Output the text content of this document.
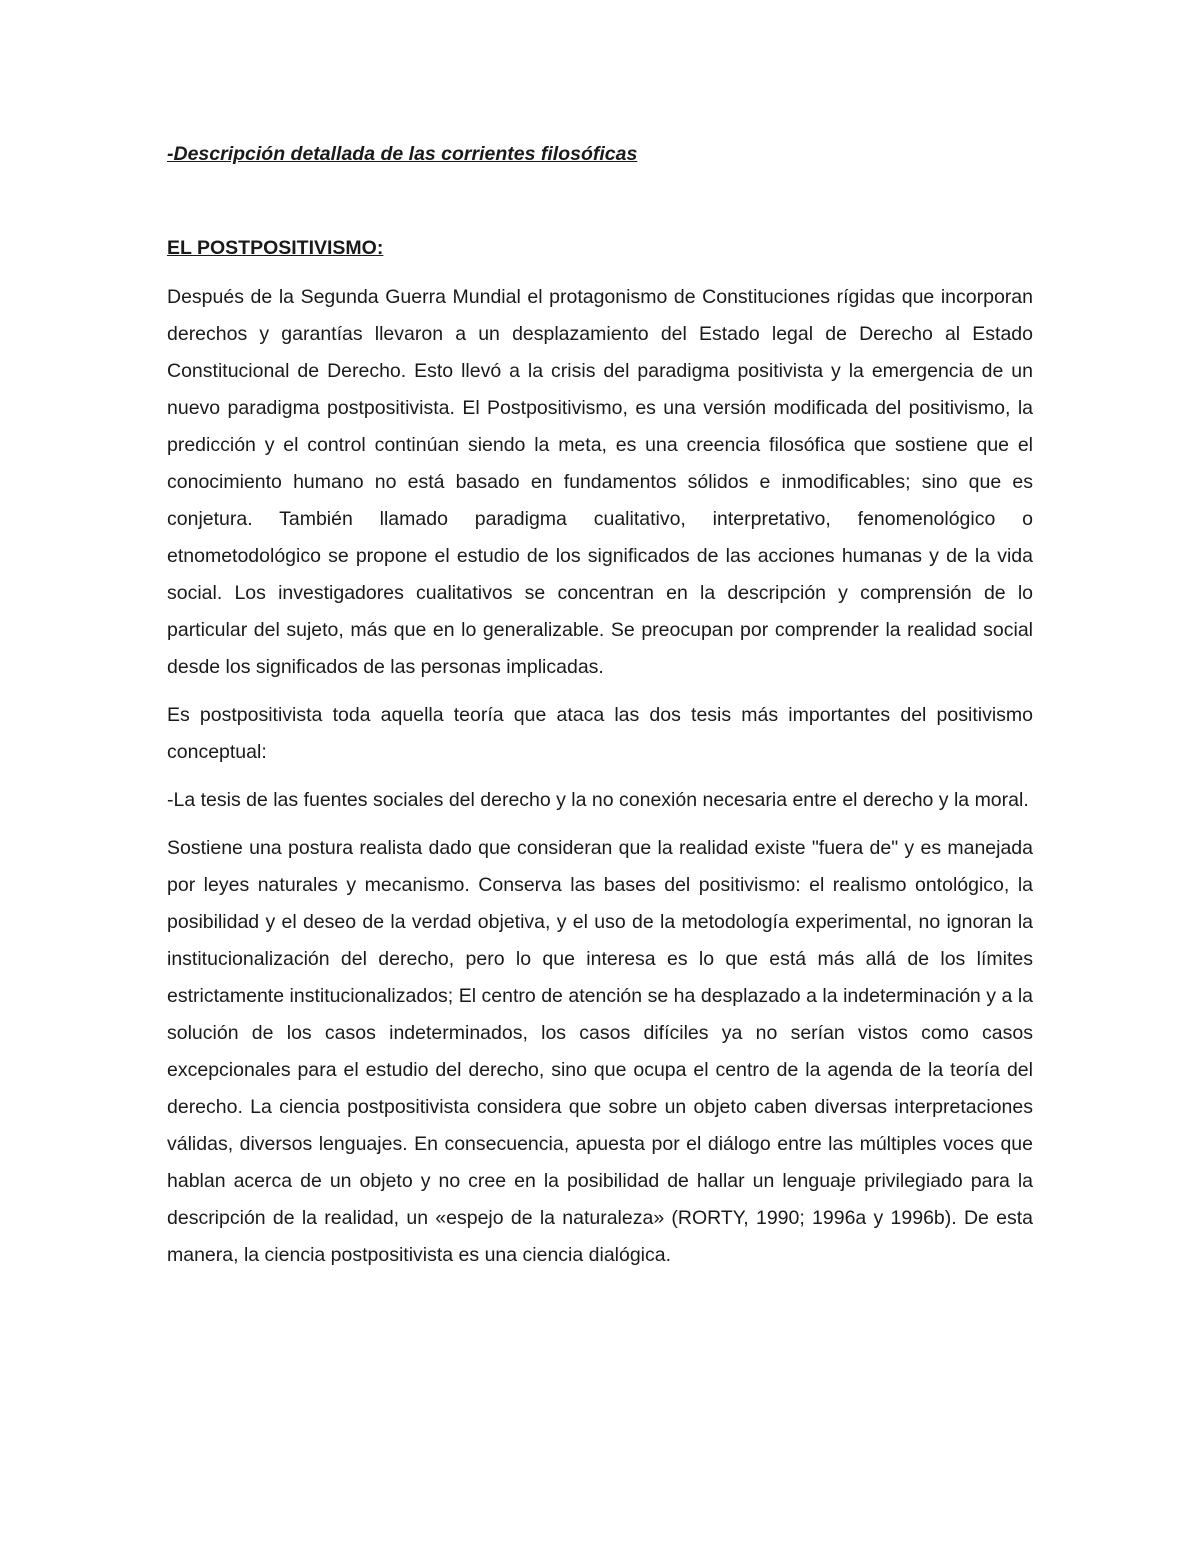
-Descripción detallada de las corrientes filosóficas
EL POSTPOSITIVISMO:

Después de la Segunda Guerra Mundial el protagonismo de Constituciones rígidas que incorporan derechos y garantías llevaron a un desplazamiento del Estado legal de Derecho al Estado Constitucional de Derecho. Esto llevó a la crisis del paradigma positivista y la emergencia de un nuevo paradigma postpositivista. El Postpositivismo, es una versión modificada del positivismo, la predicción y el control continúan siendo la meta, es una creencia filosófica que sostiene que el conocimiento humano no está basado en fundamentos sólidos e inmodificables; sino que es conjetura. También llamado paradigma cualitativo, interpretativo, fenomenológico o etnometodológico se propone el estudio de los significados de las acciones humanas y de la vida social. Los investigadores cualitativos se concentran en la descripción y comprensión de lo particular del sujeto, más que en lo generalizable. Se preocupan por comprender la realidad social desde los significados de las personas implicadas.

Es postpositivista toda aquella teoría que ataca las dos tesis más importantes del positivismo conceptual:

-La tesis de las fuentes sociales del derecho y la no conexión necesaria entre el derecho y la moral.

Sostiene una postura realista dado que consideran que la realidad existe "fuera de" y es manejada por leyes naturales y mecanismo. Conserva las bases del positivismo: el realismo ontológico, la posibilidad y el deseo de la verdad objetiva, y el uso de la metodología experimental, no ignoran la institucionalización del derecho, pero lo que interesa es lo que está más allá de los límites estrictamente institucionalizados; El centro de atención se ha desplazado a la indeterminación y a la solución de los casos indeterminados, los casos difíciles ya no serían vistos como casos excepcionales para el estudio del derecho, sino que ocupa el centro de la agenda de la teoría del derecho. La ciencia postpositivista considera que sobre un objeto caben diversas interpretaciones válidas, diversos lenguajes. En consecuencia, apuesta por el diálogo entre las múltiples voces que hablan acerca de un objeto y no cree en la posibilidad de hallar un lenguaje privilegiado para la descripción de la realidad, un «espejo de la naturaleza» (RORTY, 1990; 1996a y 1996b). De esta manera, la ciencia postpositivista es una ciencia dialógica.
